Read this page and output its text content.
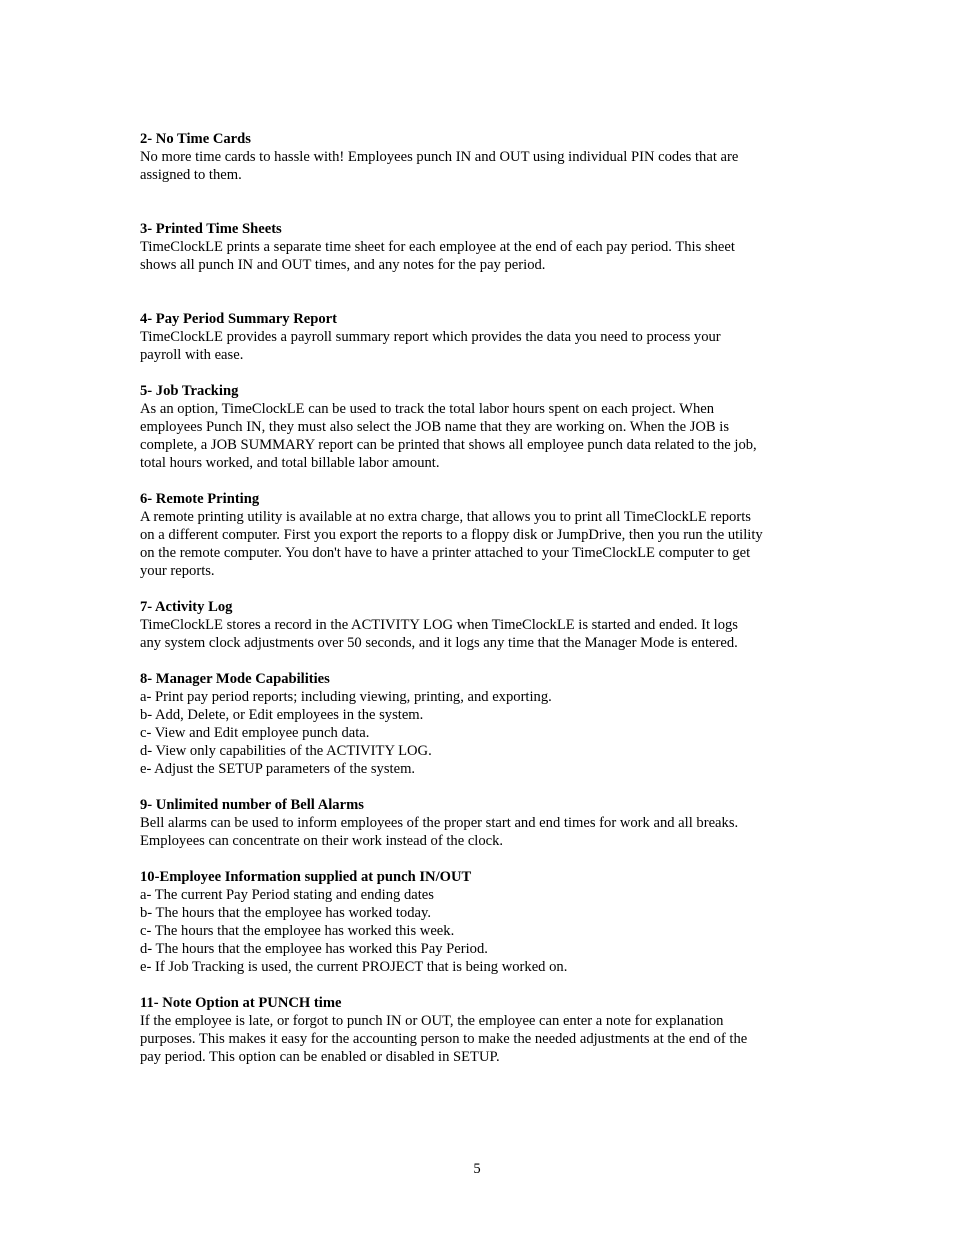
2- No Time Cards

No more time cards to hassle with! Employees punch IN and OUT using individual PIN codes that are

assigned to them.

3- Printed Time Sheets

TimeClockLE prints a separate time sheet for each employee at the end of each pay period. This sheet

shows all punch IN and OUT times, and any notes for the pay period.

4- Pay Period Summary Report

TimeClockLE provides a payroll summary report which provides the data you need to process your

payroll with ease.

5- Job Tracking

As an option, TimeClockLE can be used to track the total labor hours spent on each project. When

employees Punch IN, they must also select the JOB name that they are working on. When the JOB is

complete, a JOB SUMMARY report can be printed that shows all employee punch data related to the job,

total hours worked, and total billable labor amount.

6- Remote Printing

A remote printing utility is available at no extra charge, that allows you to print all TimeClockLE reports

on a different computer. First you export the reports to a floppy disk or JumpDrive, then you run the utility

on the remote computer. You don't have to have a printer attached to your TimeClockLE computer to get

your reports.

7- Activity Log

TimeClockLE stores a record in the ACTIVITY LOG when TimeClockLE is started and ended. It logs

any system clock adjustments over 50 seconds, and it logs any time that the Manager Mode is entered.

8- Manager Mode Capabilities

a- Print pay period reports; including viewing, printing, and exporting.

b- Add, Delete, or Edit employees in the system.

c- View and Edit employee punch data.

d- View only capabilities of the ACTIVITY LOG.

e- Adjust the SETUP parameters of the system.

9- Unlimited number of Bell Alarms

Bell alarms can be used to inform employees of the proper start and end times for work and all breaks.

Employees can concentrate on their work instead of the clock.

10-Employee Information supplied at punch IN/OUT

a- The current Pay Period stating and ending dates

b- The hours that the employee has worked today.

c- The hours that the employee has worked this week.

d- The hours that the employee has worked this Pay Period.

e- If Job Tracking is used, the current PROJECT that is being worked on.

11- Note Option at PUNCH time

If the employee is late, or forgot to punch IN or OUT, the employee can enter a note for explanation

purposes. This makes it easy for the accounting person to make the needed adjustments at the end of the

pay period. This option can be enabled or disabled in SETUP.

5
